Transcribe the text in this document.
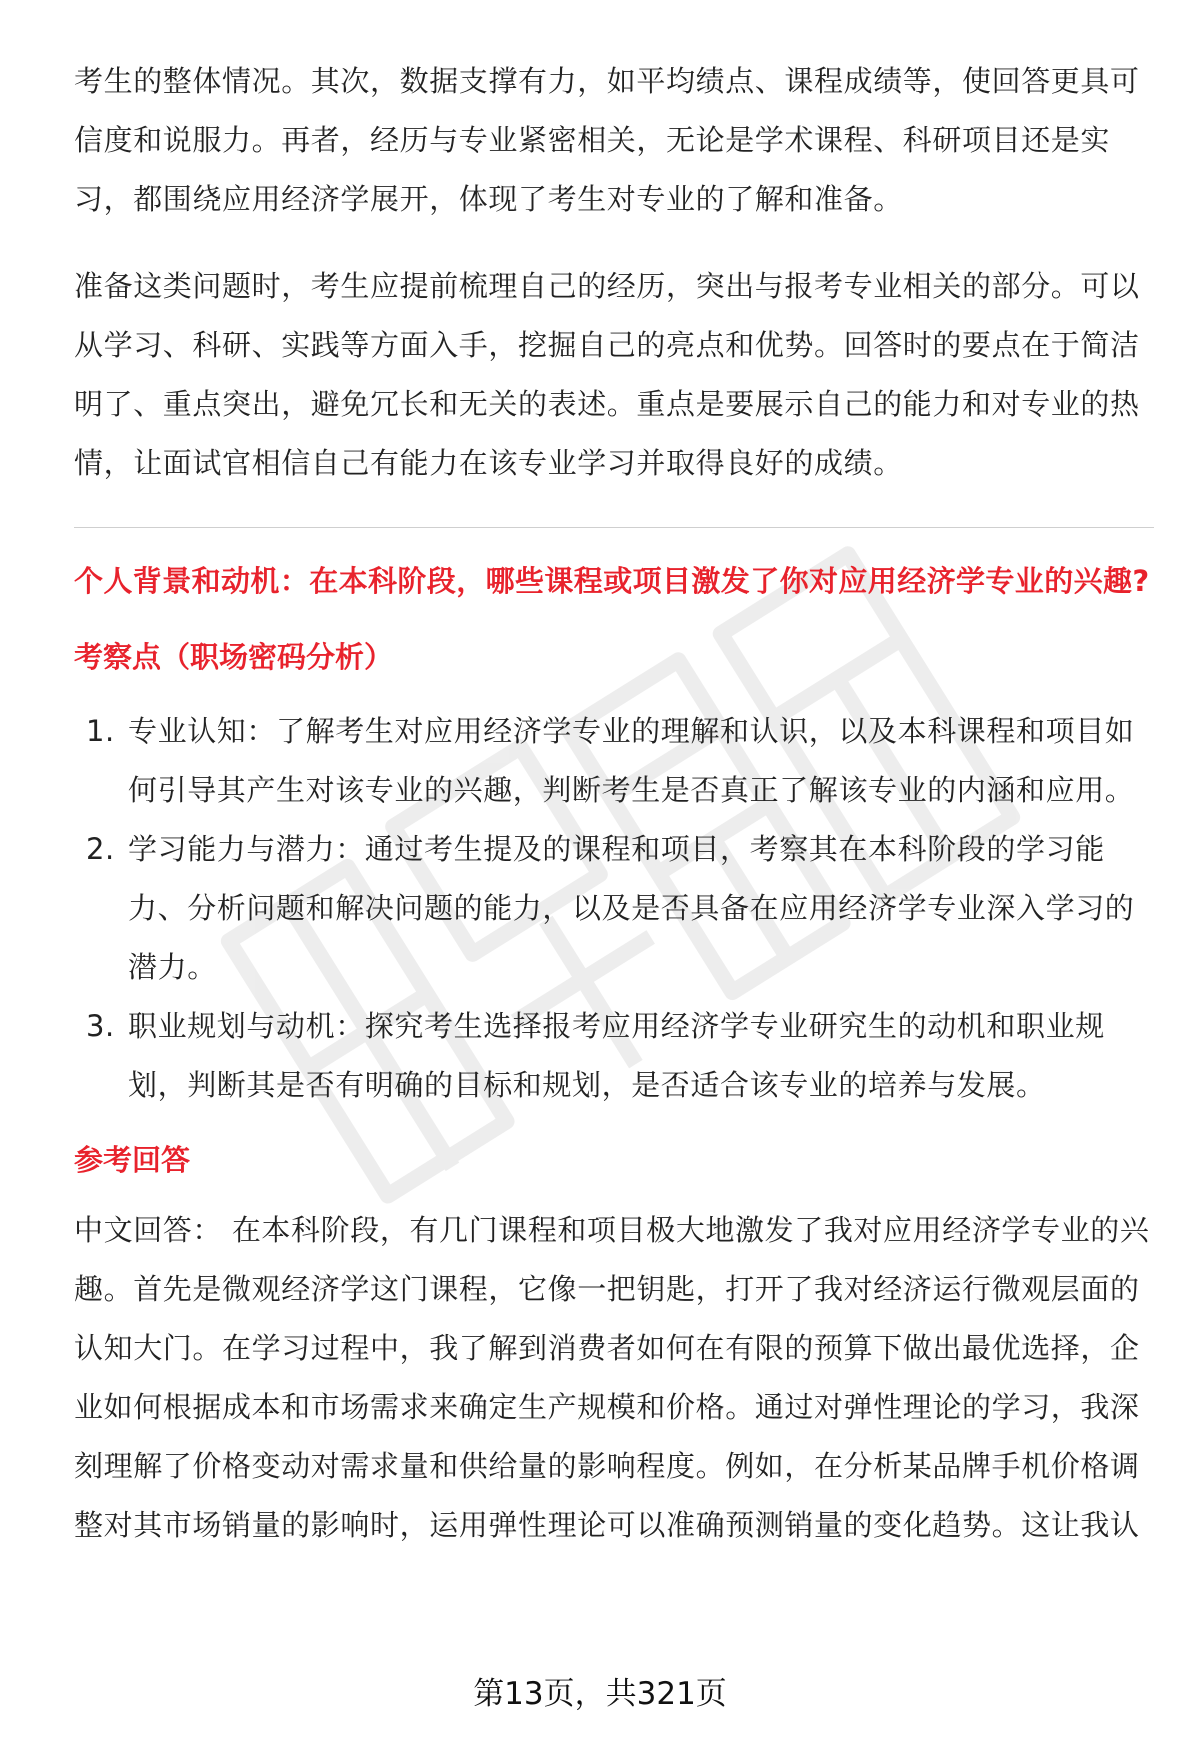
考生的整体情况。其次，数据支撑有力，如平均绩点、课程成绩等，使回答更具可信度和说服力。再者，经历与专业紧密相关，无论是学术课程、科研项目还是实习，都围绕应用经济学展开，体现了考生对专业的了解和准备。

准备这类问题时，考生应提前梳理自己的经历，突出与报考专业相关的部分。可以从学习、科研、实践等方面入手，挖掘自己的亮点和优势。回答时的要点在于简洁明了、重点突出，避免冗长和无关的表述。重点是要展示自己的能力和对专业的热情，让面试官相信自己有能力在该专业学习并取得良好的成绩。

个人背景和动机：在本科阶段，哪些课程或项目激发了你对应用经济学专业的兴趣?
考察点（职场密码分析）
1. 专业认知：了解考生对应用经济学专业的理解和认识，以及本科课程和项目如何引导其产生对该专业的兴趣，判断考生是否真正了解该专业的内涵和应用。
2. 学习能力与潜力：通过考生提及的课程和项目，考察其在本科阶段的学习能力、分析问题和解决问题的能力，以及是否具备在应用经济学专业深入学习的潜力。
3. 职业规划与动机：探究考生选择报考应用经济学专业研究生的动机和职业规划，判断其是否有明确的目标和规划，是否适合该专业的培养与发展。
参考回答

中文回答： 在本科阶段，有几门课程和项目极大地激发了我对应用经济学专业的兴趣。首先是微观经济学这门课程，它像一把钥匙，打开了我对经济运行微观层面的认知大门。在学习过程中，我了解到消费者如何在有限的预算下做出最优选择，企业如何根据成本和市场需求来确定生产规模和价格。通过对弹性理论的学习，我深刻理解了价格变动对需求量和供给量的影响程度。例如，在分析某品牌手机价格调整对其市场销量的影响时，运用弹性理论可以准确预测销量的变化趋势。这让我认

第13页，共321页
